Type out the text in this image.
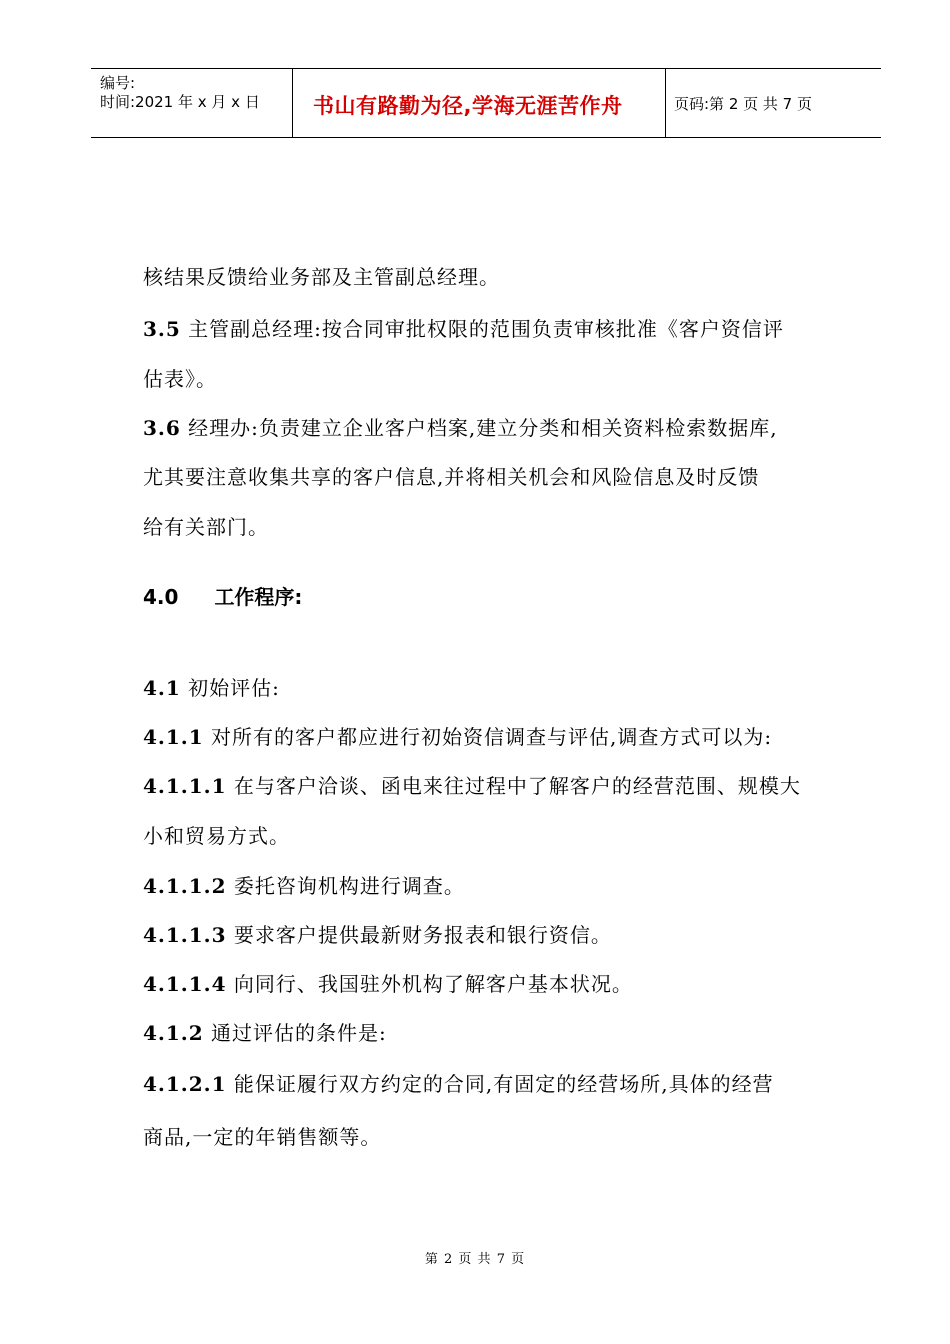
编号:
时间:2021 年 x 月 x 日	书山有路勤为径,学海无涯苦作舟	页码:第 2 页 共 7 页
核结果反馈给业务部及主管副总经理。
3.5 主管副总经理:按合同审批权限的范围负责审核批准《客户资信评
估表》。
3.6 经理办:负责建立企业客户档案,建立分类和相关资料检索数据库,
尤其要注意收集共享的客户信息,并将相关机会和风险信息及时反馈
给有关部门。
4.0 工作程序:
4.1 初始评估:
4.1.1 对所有的客户都应进行初始资信调查与评估,调查方式可以为:
4.1.1.1 在与客户洽谈、函电来往过程中了解客户的经营范围、规模大
小和贸易方式。
4.1.1.2 委托咨询机构进行调查。
4.1.1.3 要求客户提供最新财务报表和银行资信。
4.1.1.4 向同行、我国驻外机构了解客户基本状况。
4.1.2 通过评估的条件是:
4.1.2.1 能保证履行双方约定的合同,有固定的经营场所,具体的经营
商品,一定的年销售额等。
第 2 页 共 7 页
